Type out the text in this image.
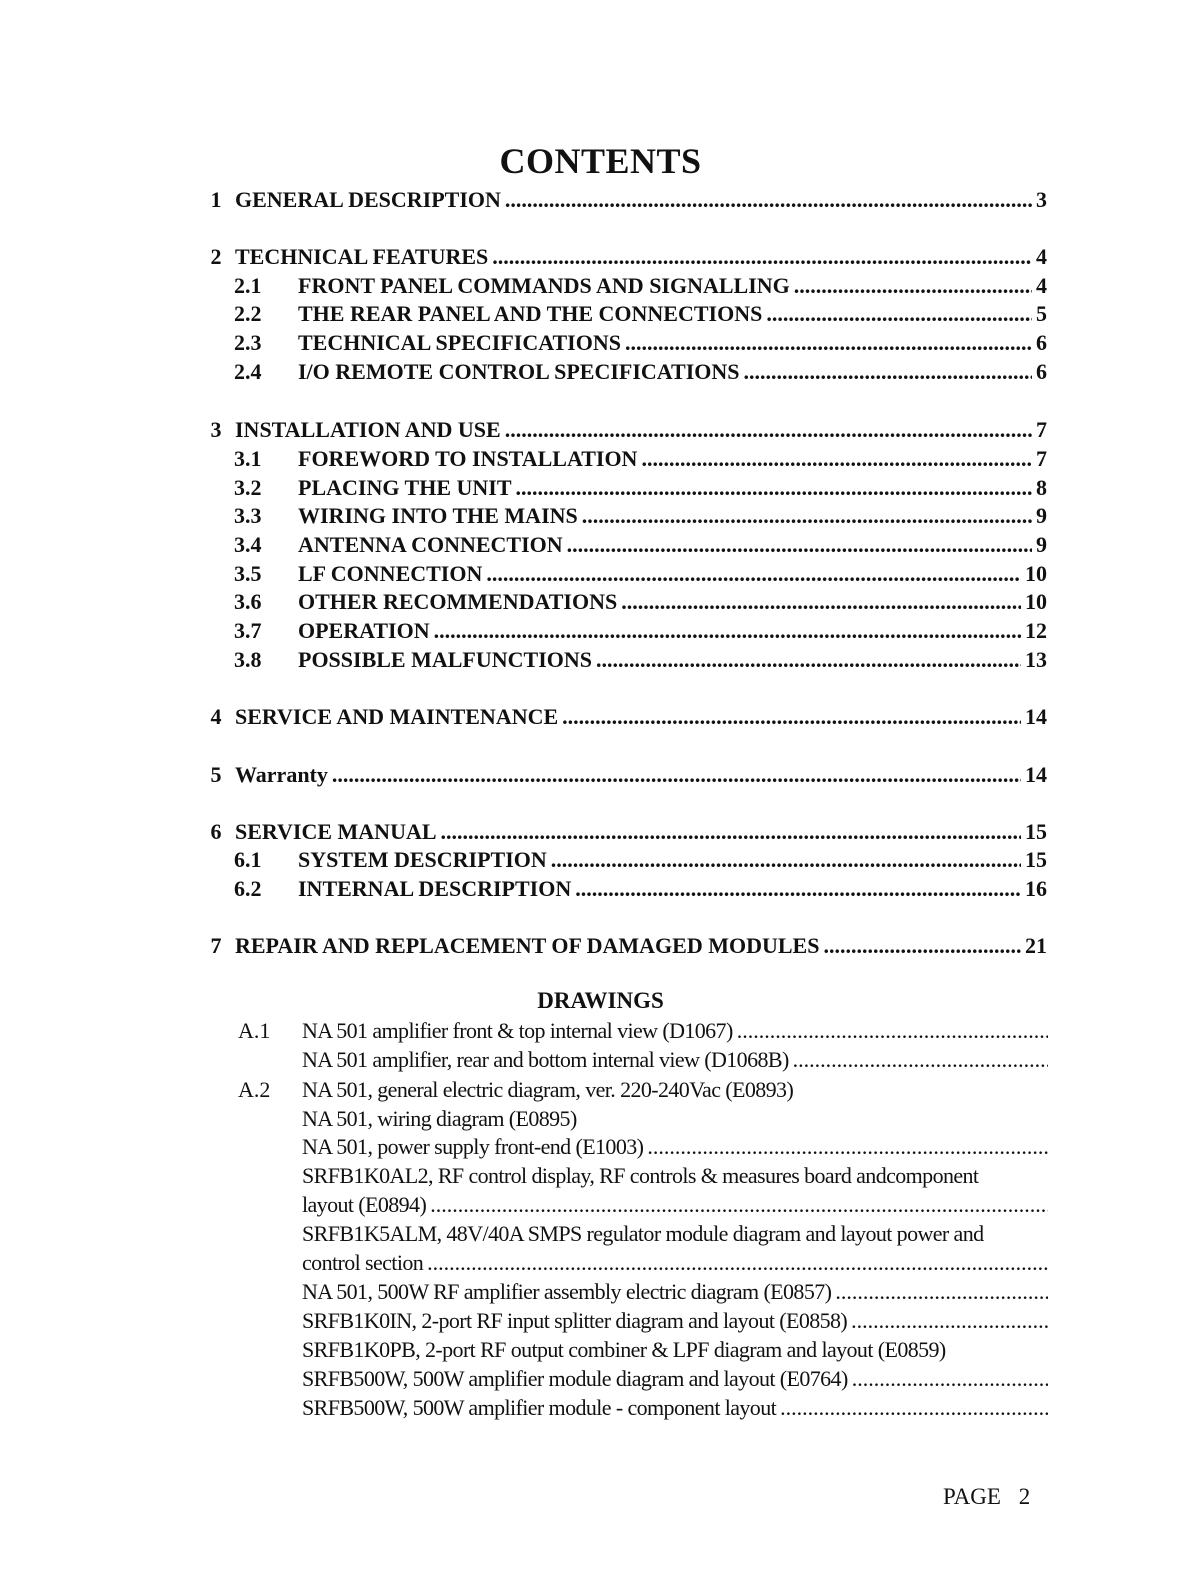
CONTENTS
1 GENERAL DESCRIPTION .....	3
2 TECHNICAL FEATURES .....	4
2.1 FRONT PANEL COMMANDS AND SIGNALLING .....	4
2.2 THE REAR PANEL AND THE CONNECTIONS .....	5
2.3 TECHNICAL SPECIFICATIONS .....	6
2.4 I/O REMOTE CONTROL SPECIFICATIONS .....	6
3 INSTALLATION AND USE .....	7
3.1 FOREWORD TO INSTALLATION .....	7
3.2 PLACING THE UNIT .....	8
3.3 WIRING INTO THE MAINS .....	9
3.4 ANTENNA CONNECTION .....	9
3.5 LF CONNECTION .....	10
3.6 OTHER RECOMMENDATIONS .....	10
3.7 OPERATION .....	12
3.8 POSSIBLE MALFUNCTIONS .....	13
4 SERVICE AND MAINTENANCE .....	14
5 Warranty .....	14
6 SERVICE MANUAL .....	15
6.1 SYSTEM DESCRIPTION .....	15
6.2 INTERNAL DESCRIPTION .....	16
7 REPAIR AND REPLACEMENT OF DAMAGED MODULES .....	21
DRAWINGS
A.1 NA 501 amplifier front & top internal view (D1067)
.....
NA 501 amplifier, rear and bottom internal view (D1068B)
.....
A.2 NA 501, general electric diagram, ver. 220-240Vac (E0893)
NA 501, wiring diagram (E0895)
NA 501, power supply front-end (E1003)
.....
SRFB1K0AL2, RF control display, RF controls & measures board andcomponent
layout (E0894)
.....
SRFB1K5ALM, 48V/40A SMPS regulator module diagram and layout power and
control section
.....
NA 501, 500W RF amplifier assembly electric diagram (E0857)
.....
SRFB1K0IN, 2-port RF input splitter diagram and layout (E0858)
.....
SRFB1K0PB, 2-port RF output combiner & LPF diagram and layout (E0859)
SRFB500W, 500W amplifier module diagram and layout (E0764)
.....
SRFB500W, 500W amplifier module - component layout
.....
PAGE 2
